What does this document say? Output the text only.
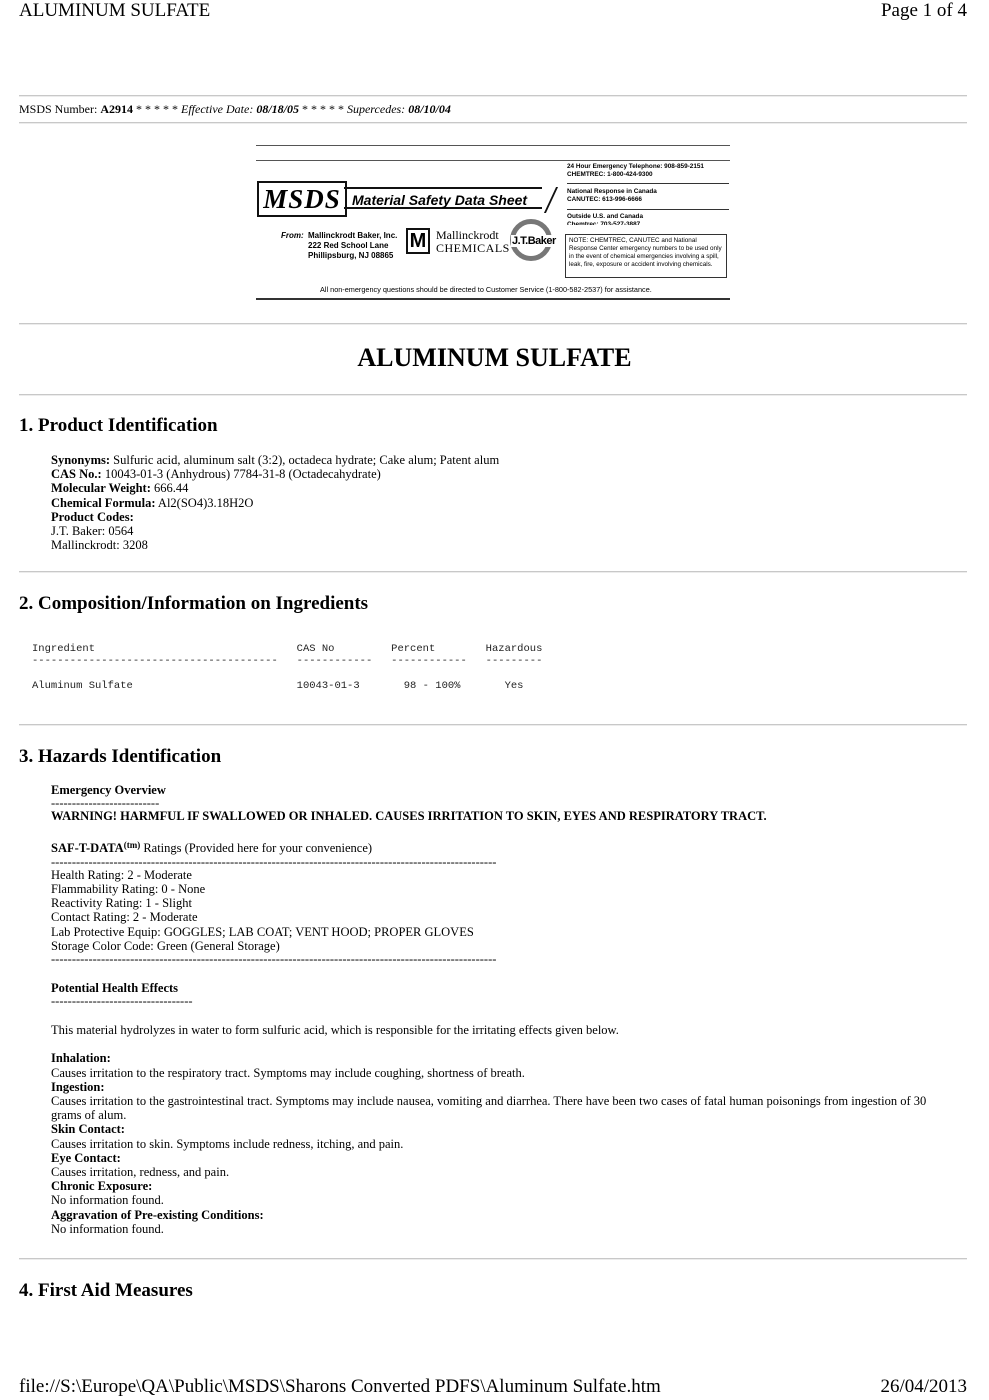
ALUMINUM SULFATE	Page 1 of 4
MSDS Number: A2914 * * * * * Effective Date: 08/18/05 * * * * * Supercedes: 08/10/04
MSDS Material Safety Data Sheet
From: Mallinckrodt Baker, Inc.
222 Red School Lane
Phillipsburg, NJ 08865
M Mallinckrodt
CHEMICALS J.T.Baker
24 Hour Emergency Telephone: 908-859-2151
CHEMTREC: 1-800-424-9300
National Response in Canada
CANUTEC: 613-996-6666
Outside U.S. and Canada
Chemtrec: 703-527-3887
NOTE: CHEMTREC, CANUTEC and National Response Center emergency numbers to be used only in the event of chemical emergencies involving a spill, leak, fire, exposure or accident involving chemicals.
All non-emergency questions should be directed to Customer Service (1-800-582-2537) for assistance.
ALUMINUM SULFATE
1. Product Identification
Synonyms: Sulfuric acid, aluminum salt (3:2), octadeca hydrate; Cake alum; Patent alum
CAS No.: 10043-01-3 (Anhydrous) 7784-31-8 (Octadecahydrate)
Molecular Weight: 666.44
Chemical Formula: Al2(SO4)3.18H2O
Product Codes:
J.T. Baker: 0564
Mallinckrodt: 3208
2. Composition/Information on Ingredients
Ingredient                                CAS No         Percent        Hazardous
---------------------------------------   ------------   ------------   ---------
Aluminum Sulfate                          10043-01-3       98 - 100%       Yes
3. Hazards Identification
Emergency Overview
--------------------------
WARNING! HARMFUL IF SWALLOWED OR INHALED. CAUSES IRRITATION TO SKIN, EYES AND RESPIRATORY TRACT.
SAF-$T-DATA^{(tm)}$ Ratings (Provided here for your convenience)
-----------------------------------------------------------------------------------------------------------
Health Rating: 2 - Moderate
Flammability Rating: 0 - None
Reactivity Rating: 1 - Slight
Contact Rating: 2 - Moderate
Lab Protective Equip: GOGGLES; LAB COAT; VENT HOOD; PROPER GLOVES
Storage Color Code: Green (General Storage)
-----------------------------------------------------------------------------------------------------------
Potential Health Effects
----------------------------------
This material hydrolyzes in water to form sulfuric acid, which is responsible for the irritating effects given below.
Inhalation:
Causes irritation to the respiratory tract. Symptoms may include coughing, shortness of breath.
Ingestion:
Causes irritation to the gastrointestinal tract. Symptoms may include nausea, vomiting and diarrhea. There have been two cases of fatal human poisonings from ingestion of 30 grams of alum.
Skin Contact:
Causes irritation to skin. Symptoms include redness, itching, and pain.
Eye Contact:
Causes irritation, redness, and pain.
Chronic Exposure:
No information found.
Aggravation of Pre-existing Conditions:
No information found.
4. First Aid Measures
file://S:\Europe\QA\Public\MSDS\Sharons Converted PDFS\Aluminum Sulfate.htm	26/04/2013
